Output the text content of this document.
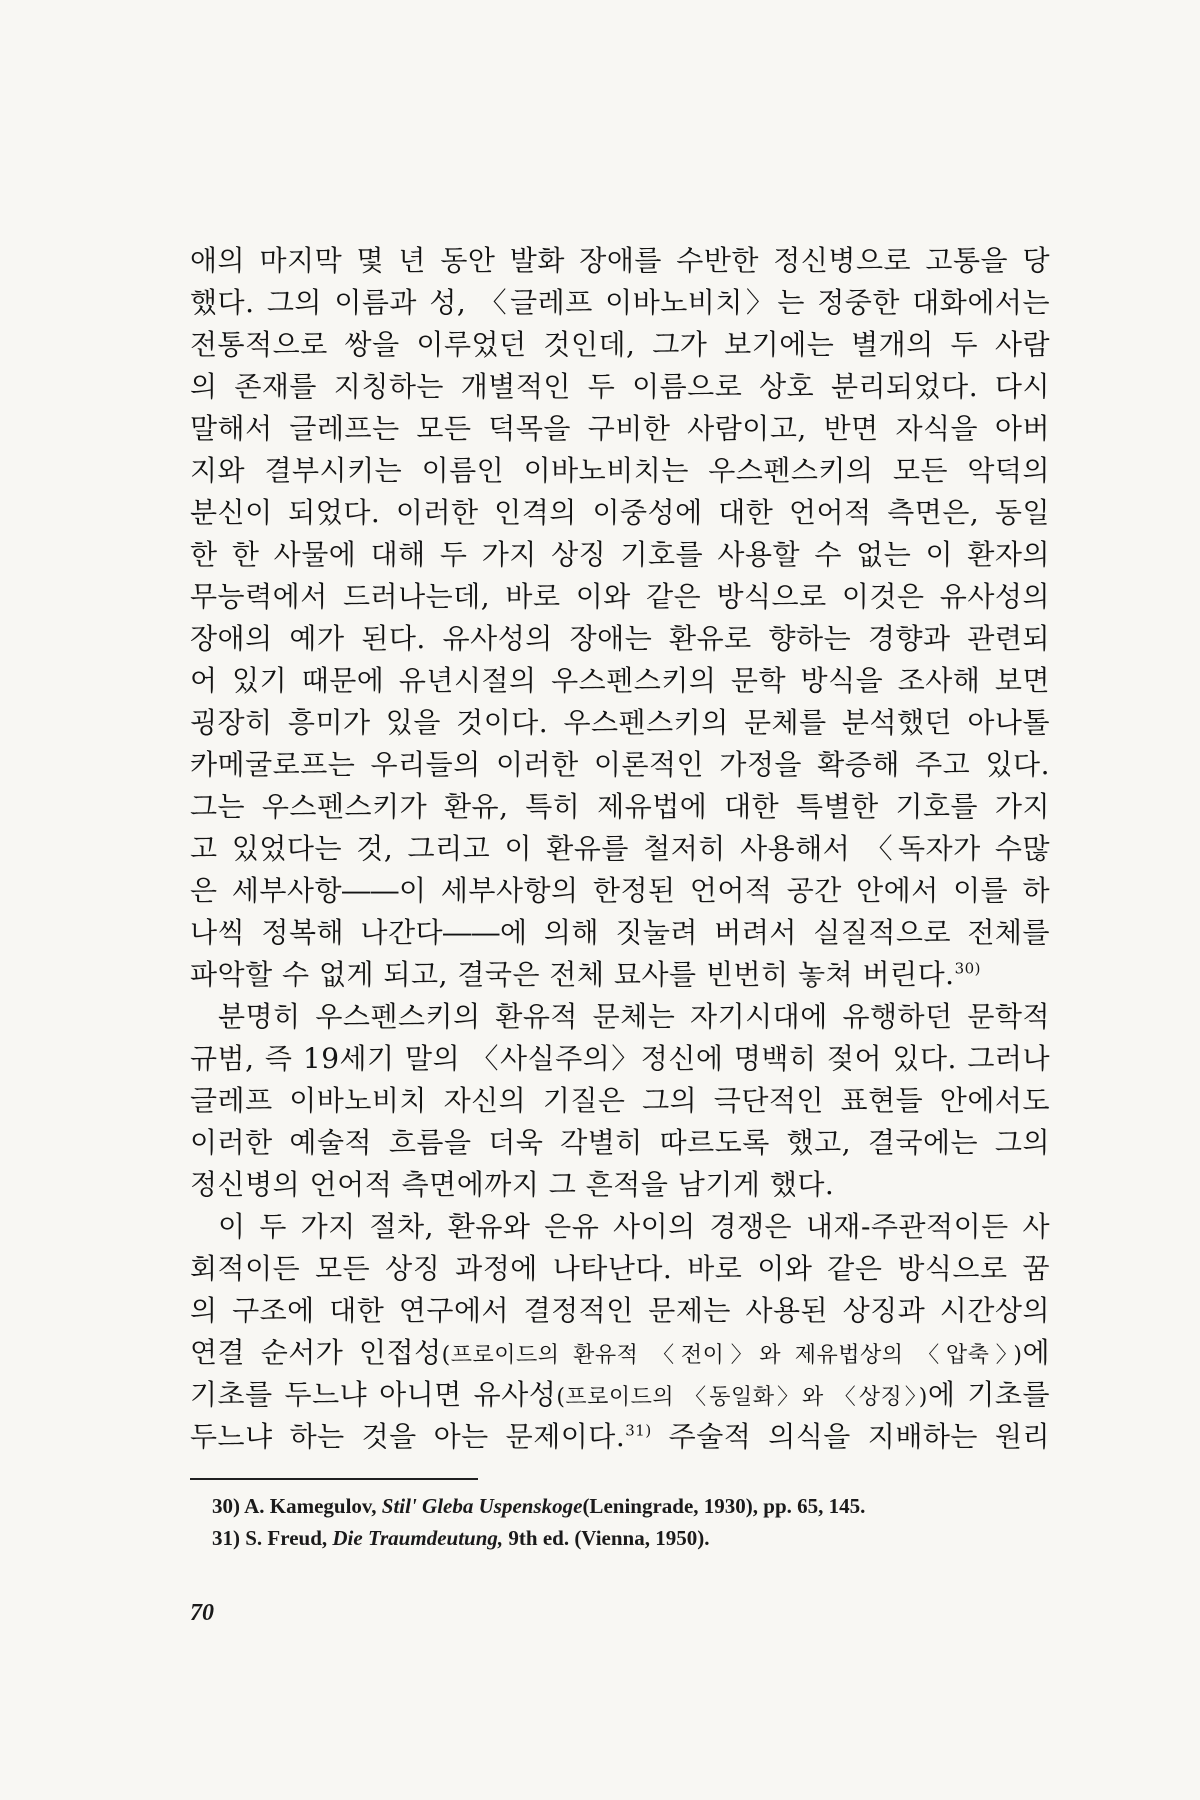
애의 마지막 몇 년 동안 발화 장애를 수반한 정신병으로 고통을 당
했다. 그의 이름과 성, 〈글레프 이바노비치〉는 정중한 대화에서는
전통적으로 쌍을 이루었던 것인데, 그가 보기에는 별개의 두 사람
의 존재를 지칭하는 개별적인 두 이름으로 상호 분리되었다. 다시
말해서 글레프는 모든 덕목을 구비한 사람이고, 반면 자식을 아버
지와 결부시키는 이름인 이바노비치는 우스펜스키의 모든 악덕의
분신이 되었다. 이러한 인격의 이중성에 대한 언어적 측면은, 동일
한 한 사물에 대해 두 가지 상징 기호를 사용할 수 없는 이 환자의
무능력에서 드러나는데, 바로 이와 같은 방식으로 이것은 유사성의
장애의 예가 된다. 유사성의 장애는 환유로 향하는 경향과 관련되
어 있기 때문에 유년시절의 우스펜스키의 문학 방식을 조사해 보면
굉장히 흥미가 있을 것이다. 우스펜스키의 문체를 분석했던 아나톨
카메굴로프는 우리들의 이러한 이론적인 가정을 확증해 주고 있다.
그는 우스펜스키가 환유, 특히 제유법에 대한 특별한 기호를 가지
고 있었다는 것, 그리고 이 환유를 철저히 사용해서 〈독자가 수많
은 세부사항――이 세부사항의 한정된 언어적 공간 안에서 이를 하
나씩 정복해 나간다――에 의해 짓눌려 버려서 실질적으로 전체를
파악할 수 없게 되고, 결국은 전체 묘사를 빈번히 놓쳐 버린다.$^{30)}$
분명히 우스펜스키의 환유적 문체는 자기시대에 유행하던 문학적
규범, 즉 19세기 말의 〈사실주의〉정신에 명백히 젖어 있다. 그러나
글레프 이바노비치 자신의 기질은 그의 극단적인 표현들 안에서도
이러한 예술적 흐름을 더욱 각별히 따르도록 했고, 결국에는 그의
정신병의 언어적 측면에까지 그 흔적을 남기게 했다.
이 두 가지 절차, 환유와 은유 사이의 경쟁은 내재-주관적이든 사
회적이든 모든 상징 과정에 나타난다. 바로 이와 같은 방식으로 꿈
의 구조에 대한 연구에서 결정적인 문제는 사용된 상징과 시간상의
연결 순서가 인접성(프로이드의 환유적 〈전이〉와 제유법상의 〈압축〉)에
기초를 두느냐 아니면 유사성(프로이드의 〈동일화〉와 〈상징〉)에 기초를
두느냐 하는 것을 아는 문제이다.$^{31)}$ 주술적 의식을 지배하는 원리
30) A. Kamegulov, Stil' Gleba Uspenskoge(Leningrade, 1930), pp. 65, 145.
31) S. Freud, Die Traumdeutung, 9th ed. (Vienna, 1950).
70
